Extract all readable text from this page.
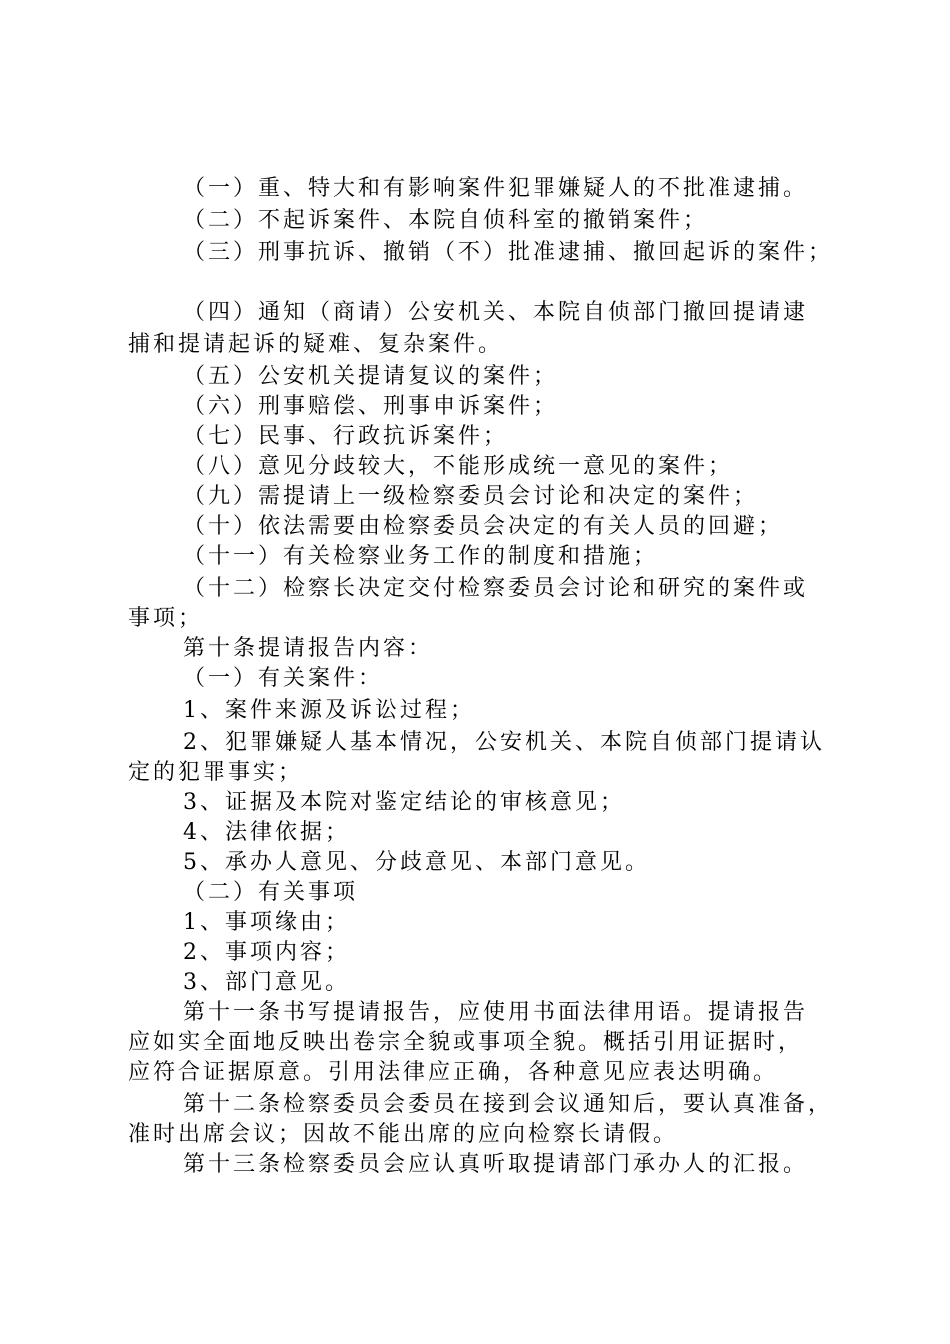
（一）重、特大和有影响案件犯罪嫌疑人的不批准逮捕。
（二）不起诉案件、本院自侦科室的撤销案件；
（三）刑事抗诉、撤销（不）批准逮捕、撤回起诉的案件；
（四）通知（商请）公安机关、本院自侦部门撤回提请逮
捕和提请起诉的疑难、复杂案件。
（五）公安机关提请复议的案件；
（六）刑事赔偿、刑事申诉案件；
（七）民事、行政抗诉案件；
（八）意见分歧较大，不能形成统一意见的案件；
（九）需提请上一级检察委员会讨论和决定的案件；
（十）依法需要由检察委员会决定的有关人员的回避；
（十一）有关检察业务工作的制度和措施；
（十二）检察长决定交付检察委员会讨论和研究的案件或
事项；
第十条提请报告内容：
（一）有关案件：
1、案件来源及诉讼过程；
2、犯罪嫌疑人基本情况，公安机关、本院自侦部门提请认
定的犯罪事实；
3、证据及本院对鉴定结论的审核意见；
4、法律依据；
5、承办人意见、分歧意见、本部门意见。
（二）有关事项
1、事项缘由；
2、事项内容；
3、部门意见。
第十一条书写提请报告，应使用书面法律用语。提请报告
应如实全面地反映出卷宗全貌或事项全貌。概括引用证据时，
应符合证据原意。引用法律应正确，各种意见应表达明确。
第十二条检察委员会委员在接到会议通知后，要认真准备，
准时出席会议；因故不能出席的应向检察长请假。
第十三条检察委员会应认真听取提请部门承办人的汇报。
